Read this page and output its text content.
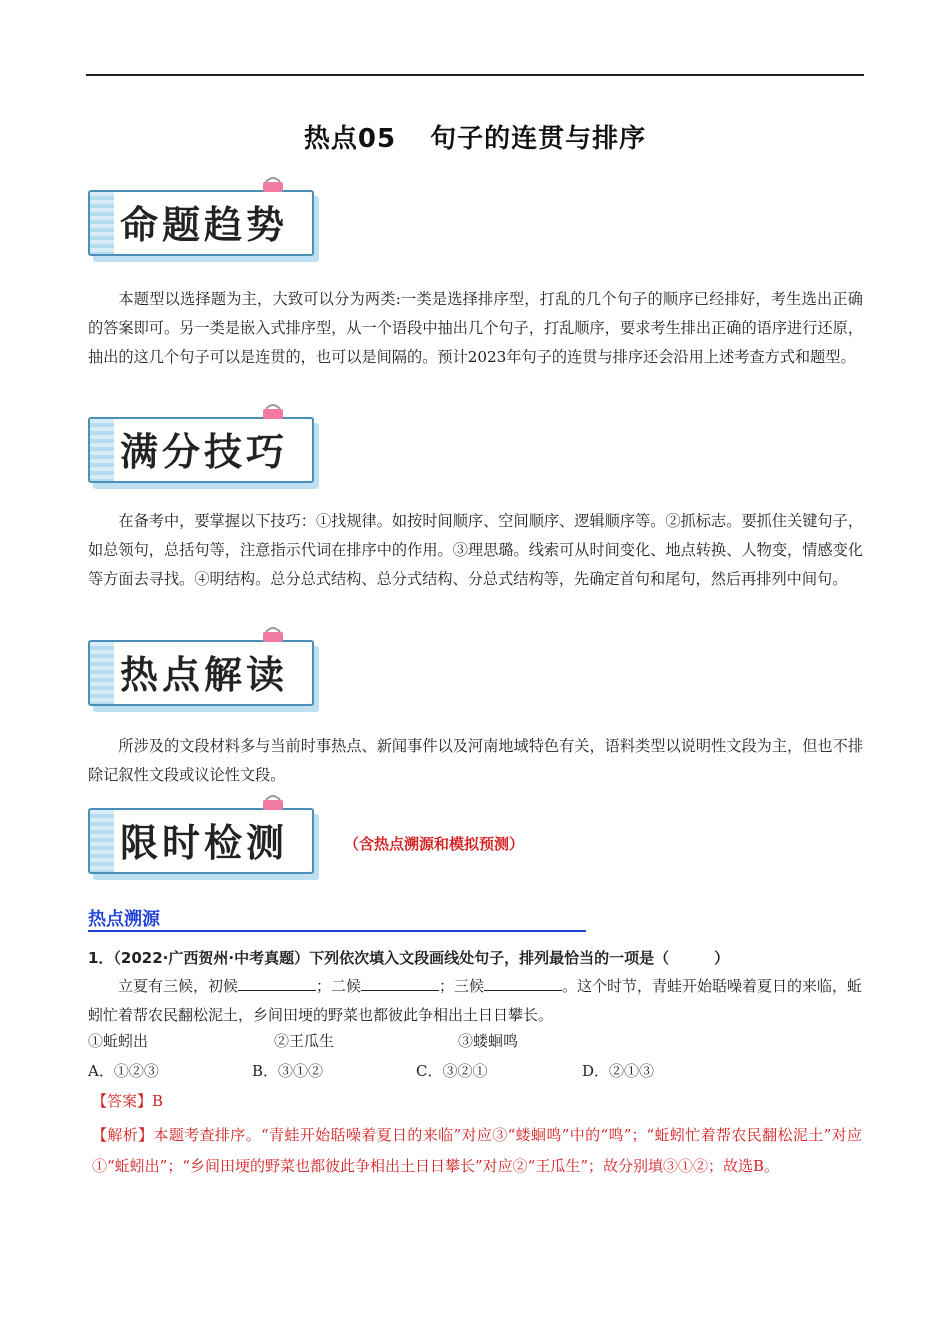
热点05 句子的连贯与排序
命题趋势
本题型以选择题为主，大致可以分为两类:一类是选择排序型，打乱的几个句子的顺序已经排好，考生选出正确的答案即可。另一类是嵌入式排序型，从一个语段中抽出几个句子，打乱顺序，要求考生排出正确的语序进行还原，抽出的这几个句子可以是连贯的，也可以是间隔的。预计2023年句子的连贯与排序还会沿用上述考查方式和题型。
满分技巧
在备考中，要掌握以下技巧：①找规律。如按时间顺序、空间顺序、逻辑顺序等。②抓标志。要抓住关键句子，如总领句，总括句等，注意指示代词在排序中的作用。③理思璐。线索可从时间变化、地点转换、人物变，情感变化等方面去寻找。④明结构。总分总式结构、总分式结构、分总式结构等，先确定首句和尾句，然后再排列中间句。
热点解读
所涉及的文段材料多与当前时事热点、新闻事件以及河南地域特色有关，语料类型以说明性文段为主，但也不排除记叙性文段或议论性文段。
限时检测	（含热点溯源和模拟预测）
热点溯源
1．（2022·广西贺州·中考真题）下列依次填入文段画线处句子，排列最恰当的一项是（　　　）
立夏有三候，初候	；二候	；三候	。这个时节，青蛙开始聒噪着夏日的来临，蚯蚓忙着帮农民翻松泥土，乡间田埂的野菜也都彼此争相出土日日攀长。
①蚯蚓出	②王瓜生	③蝼蛔鸣
A．①②③	B．③①②	C．③②①	D．②①③
【答案】B
【解析】本题考查排序。“青蛙开始聒噪着夏日的来临”对应③“蝼蛔鸣”中的“鸣”；“蚯蚓忙着帮农民翻松泥土”对应①“蚯蚓出”；“乡间田埂的野菜也都彼此争相出土日日攀长”对应②“王瓜生”；故分别填③①②；故选B。
